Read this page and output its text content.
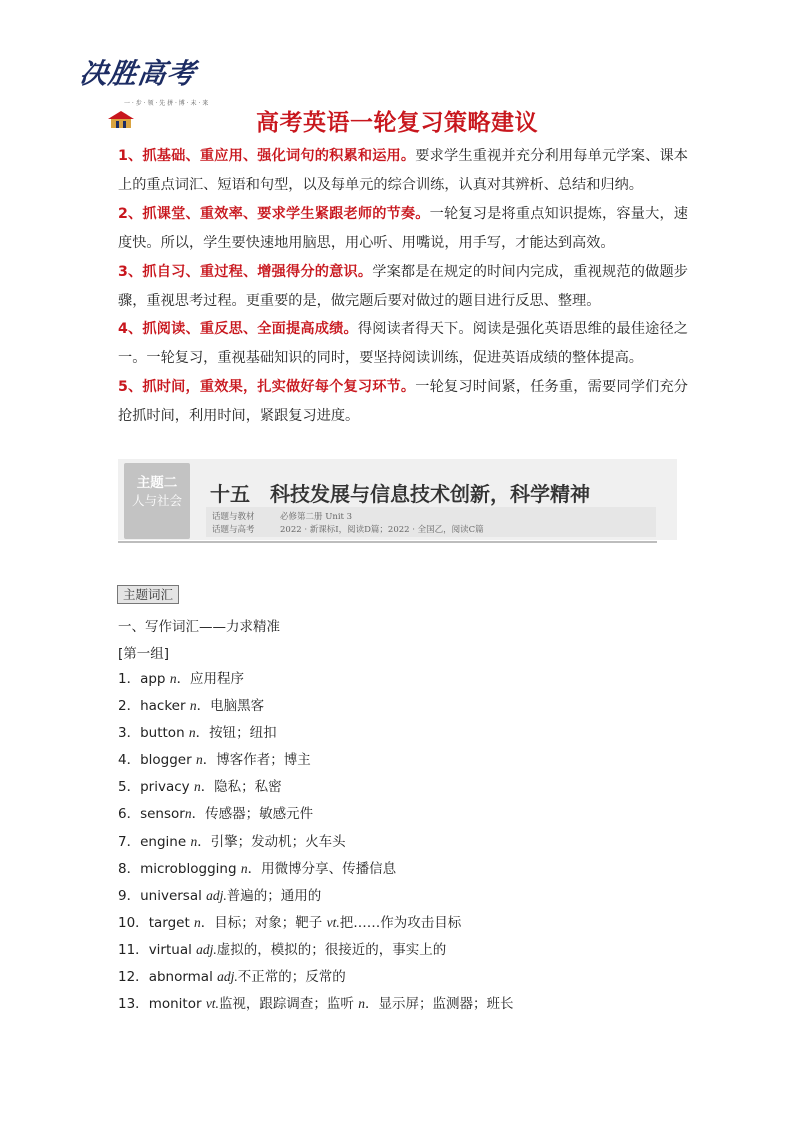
决胜高考
一 · 步 · 领 · 先 拼 · 博 · 未 · 来
高考英语一轮复习策略建议

1、抓基础、重应用、强化词句的积累和运用。要求学生重视并充分利用每单元学案、课本上的重点词汇、短语和句型，以及每单元的综合训练，认真对其辨析、总结和归纳。

2、抓课堂、重效率、要求学生紧跟老师的节奏。一轮复习是将重点知识提炼，容量大，速度快。所以，学生要快速地用脑思，用心听、用嘴说，用手写，才能达到高效。

3、抓自习、重过程、增强得分的意识。学案都是在规定的时间内完成，重视规范的做题步骤，重视思考过程。更重要的是，做完题后要对做过的题目进行反思、整理。

4、抓阅读、重反思、全面提高成绩。得阅读者得天下。阅读是强化英语思维的最佳途径之一。一轮复习，重视基础知识的同时，要坚持阅读训练，促进英语成绩的整体提高。

5、抓时间，重效果，扎实做好每个复习环节。一轮复习时间紧，任务重，需要同学们充分抢抓时间，利用时间，紧跟复习进度。

主题二
人与社会	十五　科技发展与信息技术创新，科学精神
话题与教材	必修第二册 Unit 3
话题与高考	2022 · 新课标Ⅰ，阅读D篇；2022 · 全国乙，阅读C篇
主题词汇
一、写作词汇——力求精准
[第一组]
1．app n．应用程序
2．hacker n．电脑黑客
3．button n．按钮；纽扣
4．blogger n．博客作者；博主
5．privacy n．隐私；私密
6．sensorn．传感器；敏感元件
7．engine n．引擎；发动机；火车头
8．microblogging n．用微博分享、传播信息
9．universal adj.普遍的；通用的
10．target n．目标；对象；靶子 vt.把……作为攻击目标
11．virtual adj.虚拟的，模拟的；很接近的，事实上的
12．abnormal adj.不正常的；反常的
13．monitor vt.监视，跟踪调查；监听 n．显示屏；监测器；班长
